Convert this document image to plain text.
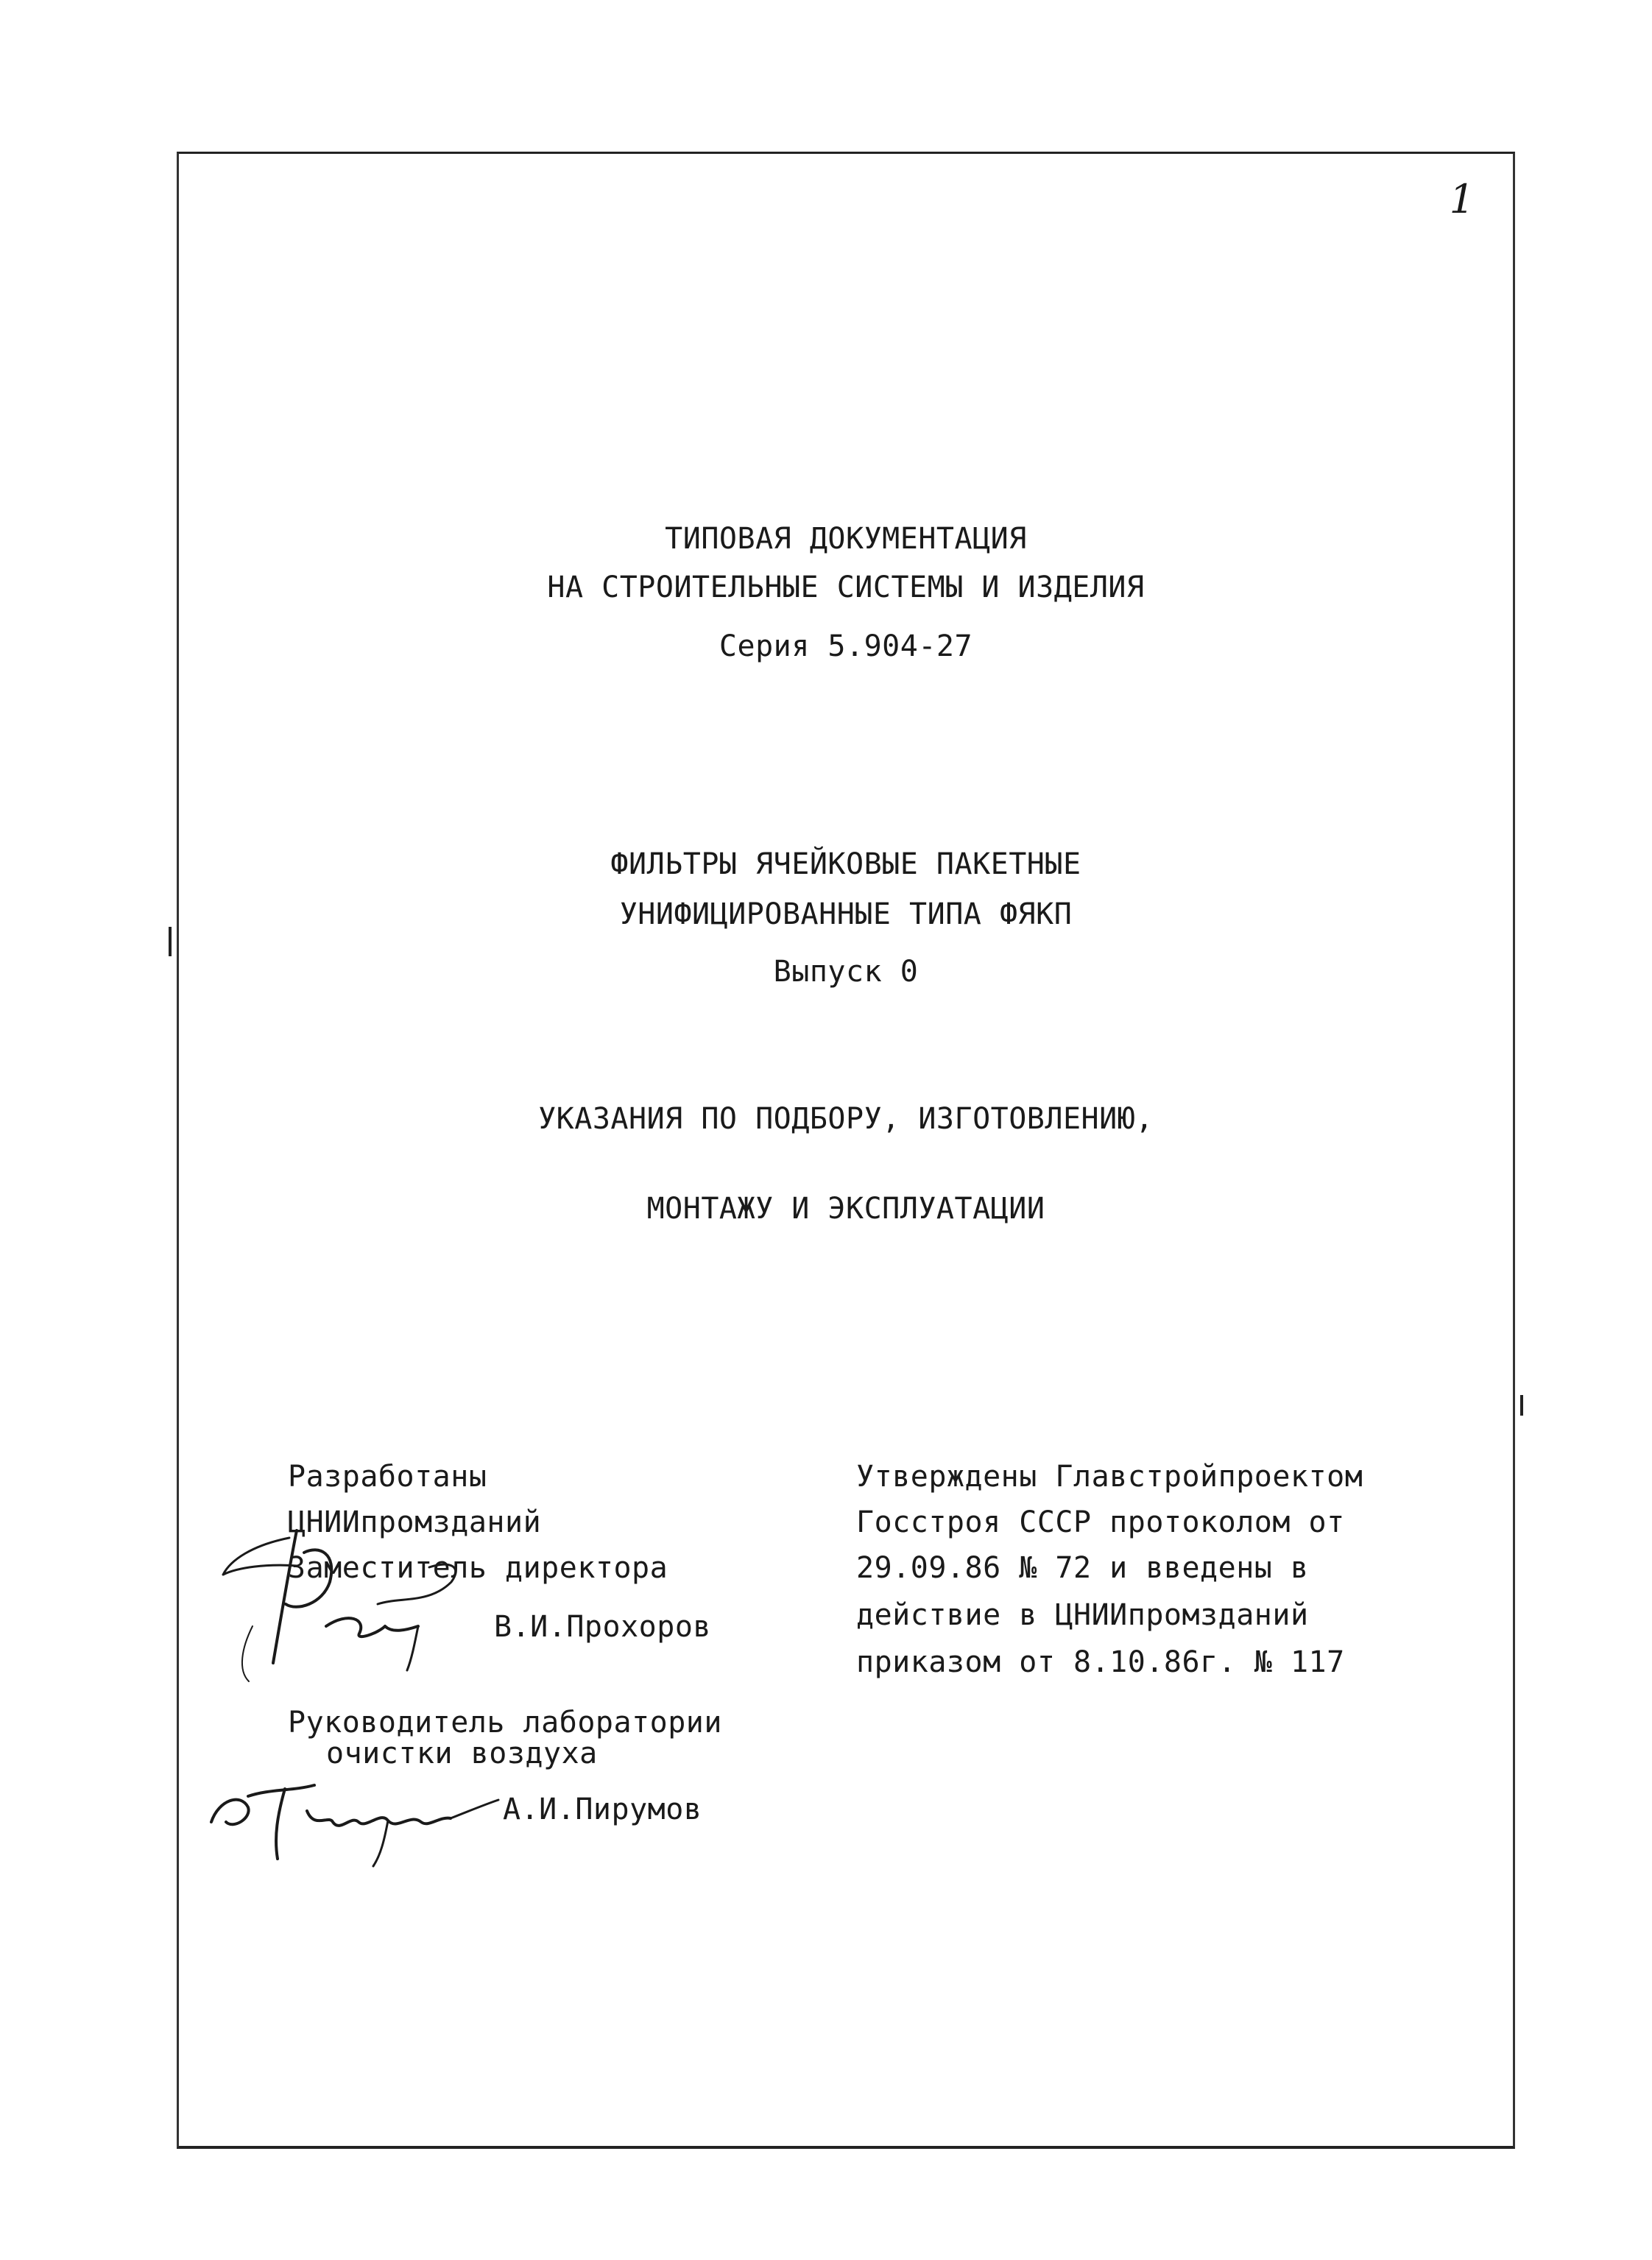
1
ТИПОВАЯ ДОКУМЕНТАЦИЯ
НА СТРОИТЕЛЬНЫЕ СИСТЕМЫ И ИЗДЕЛИЯ
Серия 5.904-27
ФИЛЬТРЫ ЯЧЕЙКОВЫЕ ПАКЕТНЫЕ
УНИФИЦИРОВАННЫЕ ТИПА ФЯКП
Выпуск 0
УКАЗАНИЯ ПО ПОДБОРУ, ИЗГОТОВЛЕНИЮ,
МОНТАЖУ И ЭКСПЛУАТАЦИИ
Разработаны
ЦНИИпромзданий
Заместитель директора
В.И.Прохоров
Руководитель лаборатории
очистки воздуха
А.И.Пирумов
Утверждены Главстройпроектом
Госстроя СССР протоколом от
29.09.86 № 72 и введены в
действие в ЦНИИпромзданий
приказом от 8.10.86г. № 117
